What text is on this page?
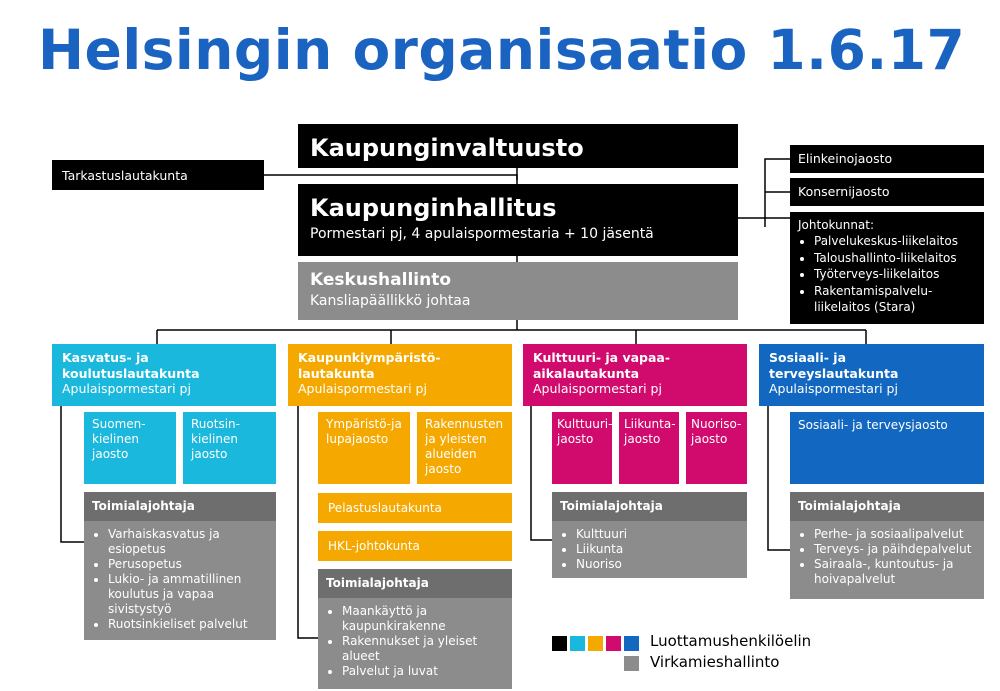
Helsingin organisaatio 1.6.17
Kaupunginvaltuusto
Tarkastuslautakunta
Kaupunginhallitus
Pormestari pj, 4 apulaispormestaria + 10 jäsentä
Elinkeinojaosto
Konsernijaosto
Johtokunnat:
• Palvelukeskus-liikelaitos
• Taloushallinto-liikelaitos
• Työterveys-liikelaitos
• Rakentamispalvelu-liikelaitos (Stara)
Keskushallinto
Kansliapäällikkö johtaa
Kasvatus- ja koulutuslautakunta
Apulaispormestari pj
Suomen-kielinen jaosto
Ruotsin-kielinen jaosto
Toimialajohtaja
• Varhaiskasvatus ja esiopetus
• Perusopetus
• Lukio- ja ammatillinen koulutus ja vapaa sivistystyö
• Ruotsinkieliset palvelut
Kaupunkiympäristö-lautakunta
Apulaispormestari pj
Ympäristö-ja lupajaosto
Rakennusten ja yleisten alueiden jaosto
Pelastuslautakunta
HKL-johtokunta
Toimialajohtaja
• Maankäyttö ja kaupunkirakenne
• Rakennukset ja yleiset alueet
• Palvelut ja luvat
Kulttuuri- ja vapaa-aikalautakunta
Apulaispormestari pj
Kulttuuri-jaosto
Liikunta-jaosto
Nuoriso-jaosto
Toimialajohtaja
• Kulttuuri
• Liikunta
• Nuoriso
Sosiaali- ja terveyslautakunta
Apulaispormestari pj
Sosiaali- ja terveysjaosto
Toimialajohtaja
• Perhe- ja sosiaalipalvelut
• Terveys- ja päihdepalvelut
• Sairaala-, kuntoutus- ja hoivapalvelut
Luottamushenkilöelin
Virkamieshallinto
